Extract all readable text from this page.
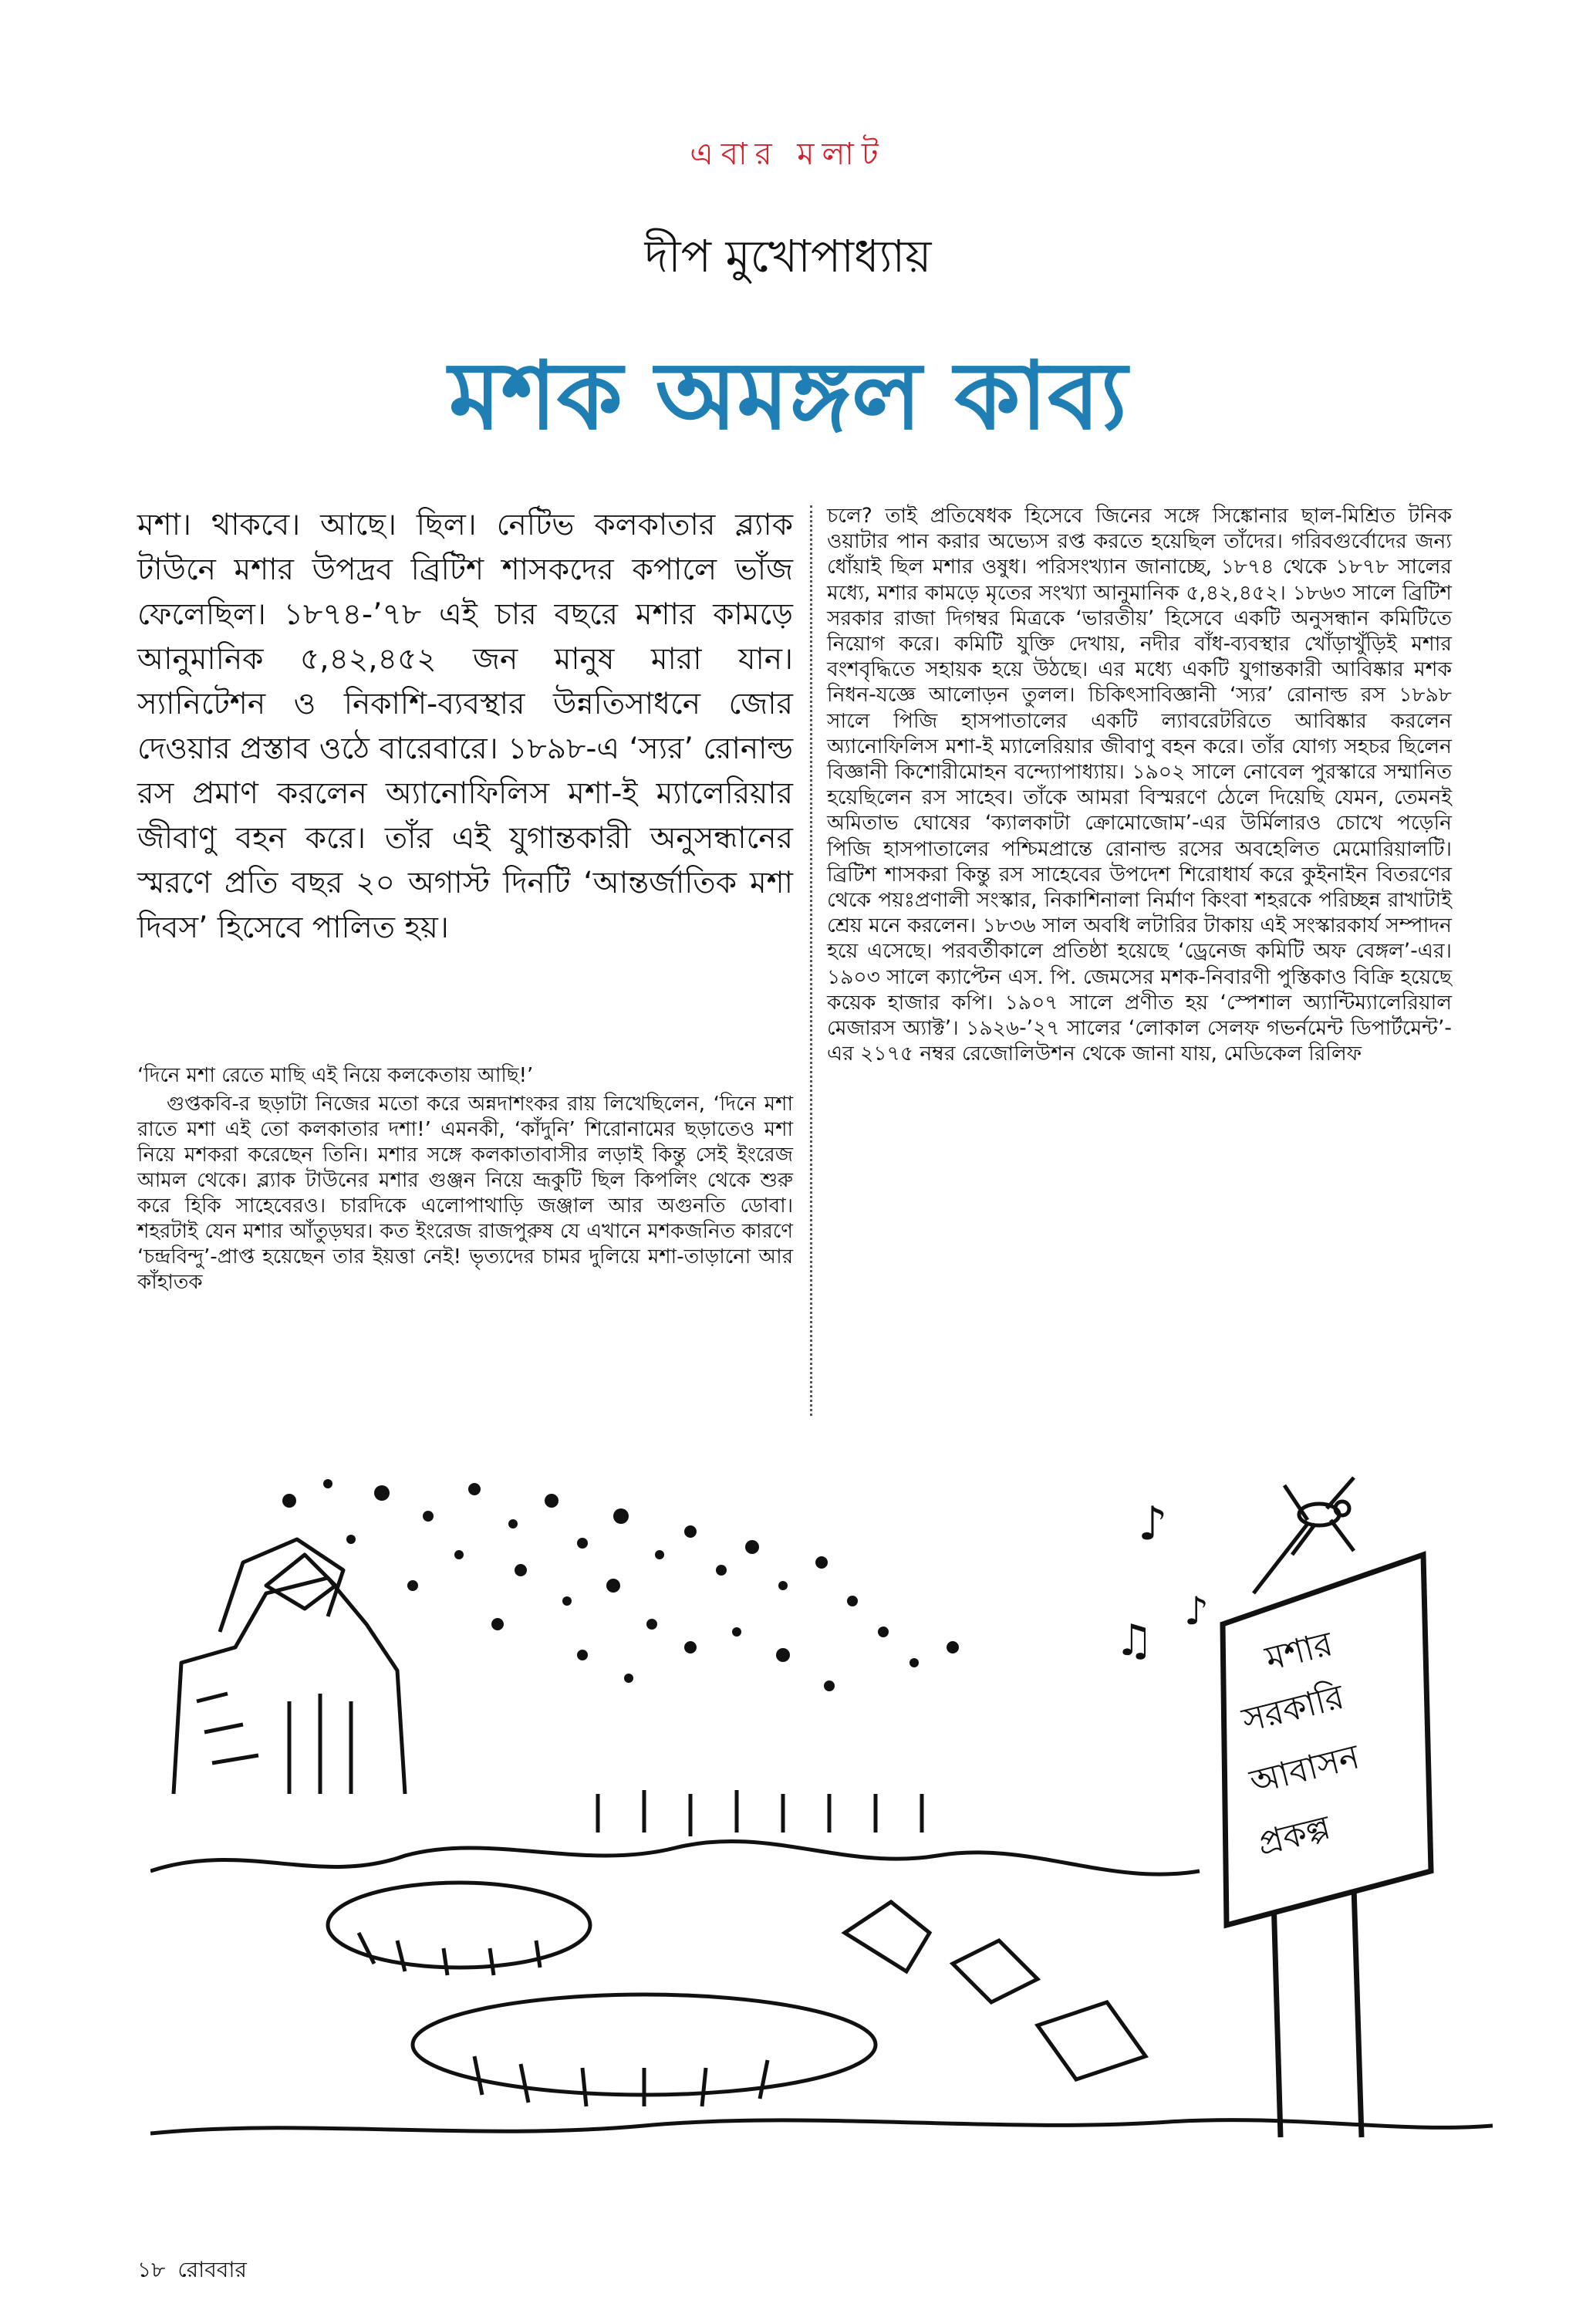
এবার মলাট
দীপ মুখোপাধ্যায়
মশক অমঙ্গল কাব্য

মশা। থাকবে। আছে। ছিল। নেটিভ কলকাতার ব্ল্যাক টাউনে মশার উপদ্রব ব্রিটিশ শাসকদের কপালে ভাঁজ ফেলেছিল। ১৮৭৪-’৭৮ এই চার বছরে মশার কামড়ে আনুমানিক ৫,৪২,৪৫২ জন মানুষ মারা যান। স্যানিটেশন ও নিকাশি-ব্যবস্থার উন্নতিসাধনে জোর দেওয়ার প্রস্তাব ওঠে বারেবারে। ১৮৯৮-এ ‘স্যর’ রোনাল্ড রস প্রমাণ করলেন অ্যানোফিলিস মশা-ই ম্যালেরিয়ার জীবাণু বহন করে। তাঁর এই যুগান্তকারী অনুসন্ধানের স্মরণে প্রতি বছর ২০ অগাস্ট দিনটি ‘আন্তর্জাতিক মশা দিবস’ হিসেবে পালিত হয়।

‘দিনে মশা রেতে মাছি এই নিয়ে কলকেতায় আছি!’

গুপ্তকবি-র ছড়াটা নিজের মতো করে অন্নদাশংকর রায় লিখেছিলেন, ‘দিনে মশা রাতে মশা এই তো কলকাতার দশা!’ এমনকী, ‘কাঁদুনি’ শিরোনামের ছড়াতেও মশা নিয়ে মশকরা করেছেন তিনি। মশার সঙ্গে কলকাতাবাসীর লড়াই কিন্তু সেই ইংরেজ আমল থেকে। ব্ল্যাক টাউনের মশার গুঞ্জন নিয়ে ভ্রূকুটি ছিল কিপলিং থেকে শুরু করে হিকি সাহেবেরও। চারদিকে এলোপাথাড়ি জঞ্জাল আর অগুনতি ডোবা। শহরটাই যেন মশার আঁতুড়ঘর। কত ইংরেজ রাজপুরুষ যে এখানে মশকজনিত কারণে ‘চন্দ্রবিন্দু’-প্রাপ্ত হয়েছেন তার ইয়ত্তা নেই! ভৃত্যদের চামর দুলিয়ে মশা-তাড়ানো আর কাঁহাতক

চলে? তাই প্রতিষেধক হিসেবে জিনের সঙ্গে সিঙ্কোনার ছাল-মিশ্রিত টনিক ওয়াটার পান করার অভ্যেস রপ্ত করতে হয়েছিল তাঁদের। গরিবগুর্বোদের জন্য ধোঁয়াই ছিল মশার ওষুধ। পরিসংখ্যান জানাচ্ছে, ১৮৭৪ থেকে ১৮৭৮ সালের মধ্যে, মশার কামড়ে মৃতের সংখ্যা আনুমানিক ৫,৪২,৪৫২। ১৮৬৩ সালে ব্রিটিশ সরকার রাজা দিগম্বর মিত্রকে ‘ভারতীয়’ হিসেবে একটি অনুসন্ধান কমিটিতে নিয়োগ করে। কমিটি যুক্তি দেখায়, নদীর বাঁধ-ব্যবস্থার খোঁড়াখুঁড়িই মশার বংশবৃদ্ধিতে সহায়ক হয়ে উঠছে। এর মধ্যে একটি যুগান্তকারী আবিষ্কার মশক নিধন-যজ্ঞে আলোড়ন তুলল। চিকিৎসাবিজ্ঞানী ‘স্যর’ রোনাল্ড রস ১৮৯৮ সালে পিজি হাসপাতালের একটি ল্যাবরেটরিতে আবিষ্কার করলেন অ্যানোফিলিস মশা-ই ম্যালেরিয়ার জীবাণু বহন করে। তাঁর যোগ্য সহচর ছিলেন বিজ্ঞানী কিশোরীমোহন বন্দ্যোপাধ্যায়। ১৯০২ সালে নোবেল পুরস্কারে সম্মানিত হয়েছিলেন রস সাহেব। তাঁকে আমরা বিস্মরণে ঠেলে দিয়েছি যেমন, তেমনই অমিতাভ ঘোষের ‘ক্যালকাটা ক্রোমোজোম’-এর উর্মিলারও চোখে পড়েনি পিজি হাসপাতালের পশ্চিমপ্রান্তে রোনাল্ড রসের অবহেলিত মেমোরিয়ালটি। ব্রিটিশ শাসকরা কিন্তু রস সাহেবের উপদেশ শিরোধার্য করে কুইনাইন বিতরণের থেকে পয়ঃপ্রণালী সংস্কার, নিকাশিনালা নির্মাণ কিংবা শহরকে পরিচ্ছন্ন রাখাটাই শ্রেয় মনে করলেন। ১৮৩৬ সাল অবধি লটারির টাকায় এই সংস্কারকার্য সম্পাদন হয়ে এসেছে। পরবর্তীকালে প্রতিষ্ঠা হয়েছে ‘ড্রেনেজ কমিটি অফ বেঙ্গল’-এর। ১৯০৩ সালে ক্যাপ্টেন এস. পি. জেমসের মশক-নিবারণী পুস্তিকাও বিক্রি হয়েছে কয়েক হাজার কপি। ১৯০৭ সালে প্রণীত হয় ‘স্পেশাল অ্যান্টিম্যালেরিয়াল মেজারস অ্যাক্ট’। ১৯২৬-’২৭ সালের ‘লোকাল সেলফ গভর্নমেন্ট ডিপার্টমেন্ট’-এর ২১৭৫ নম্বর রেজোলিউশন থেকে জানা যায়, মেডিকেল রিলিফ

মশার
সরকারি
আবাসন
প্রকল্প
♪
♫
♪
১৮ রোববার
